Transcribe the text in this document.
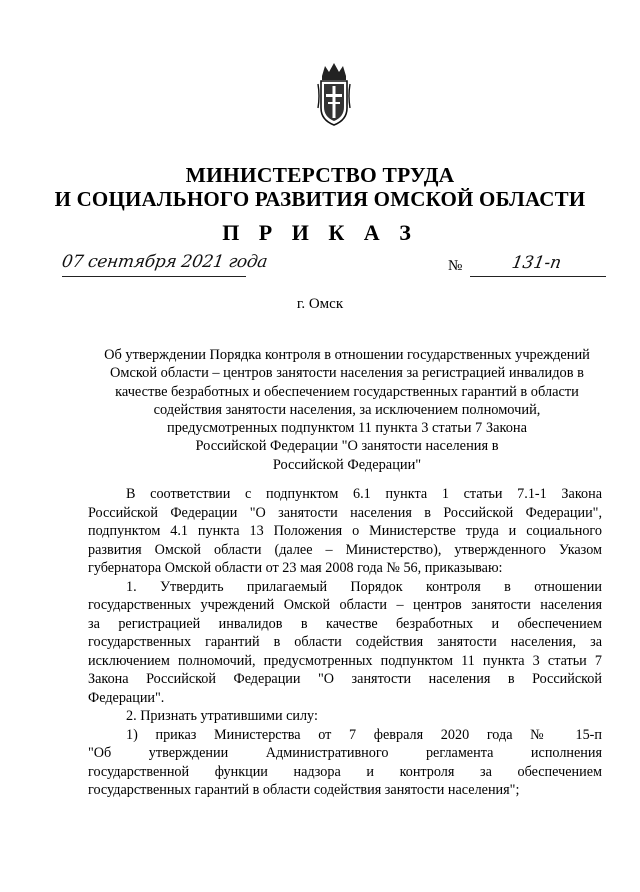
МИНИСТЕРСТВО ТРУДА
И СОЦИАЛЬНОГО РАЗВИТИЯ ОМСКОЙ ОБЛАСТИ
П Р И К А З
07 сентября 2021 года	№	131-п
г. Омск
Об утверждении Порядка контроля в отношении государственных учреждений
Омской области – центров занятости населения за регистрацией инвалидов в
качестве безработных и обеспечением государственных гарантий в области
содействия занятости населения, за исключением полномочий,
предусмотренных подпунктом 11 пункта 3 статьи 7 Закона
Российской Федерации "О занятости населения в
Российской Федерации"
В соответствии с подпунктом 6.1 пункта 1 статьи 7.1-1 Закона
Российской Федерации "О занятости населения в Российской Федерации",
подпунктом 4.1 пункта 13 Положения о Министерстве труда и социального
развития Омской области (далее – Министерство), утвержденного Указом
губернатора Омской области от 23 мая 2008 года № 56, приказываю:
1. Утвердить прилагаемый Порядок контроля в отношении
государственных учреждений Омской области – центров занятости населения
за регистрацией инвалидов в качестве безработных и обеспечением
государственных гарантий в области содействия занятости населения, за
исключением полномочий, предусмотренных подпунктом 11 пункта 3 статьи 7
Закона Российской Федерации "О занятости населения в Российской
Федерации".
2. Признать утратившими силу:
1) приказ Министерства от 7 февраля 2020 года № 15-п
"Об утверждении Административного регламента исполнения
государственной функции надзора и контроля за обеспечением
государственных гарантий в области содействия занятости населения";
